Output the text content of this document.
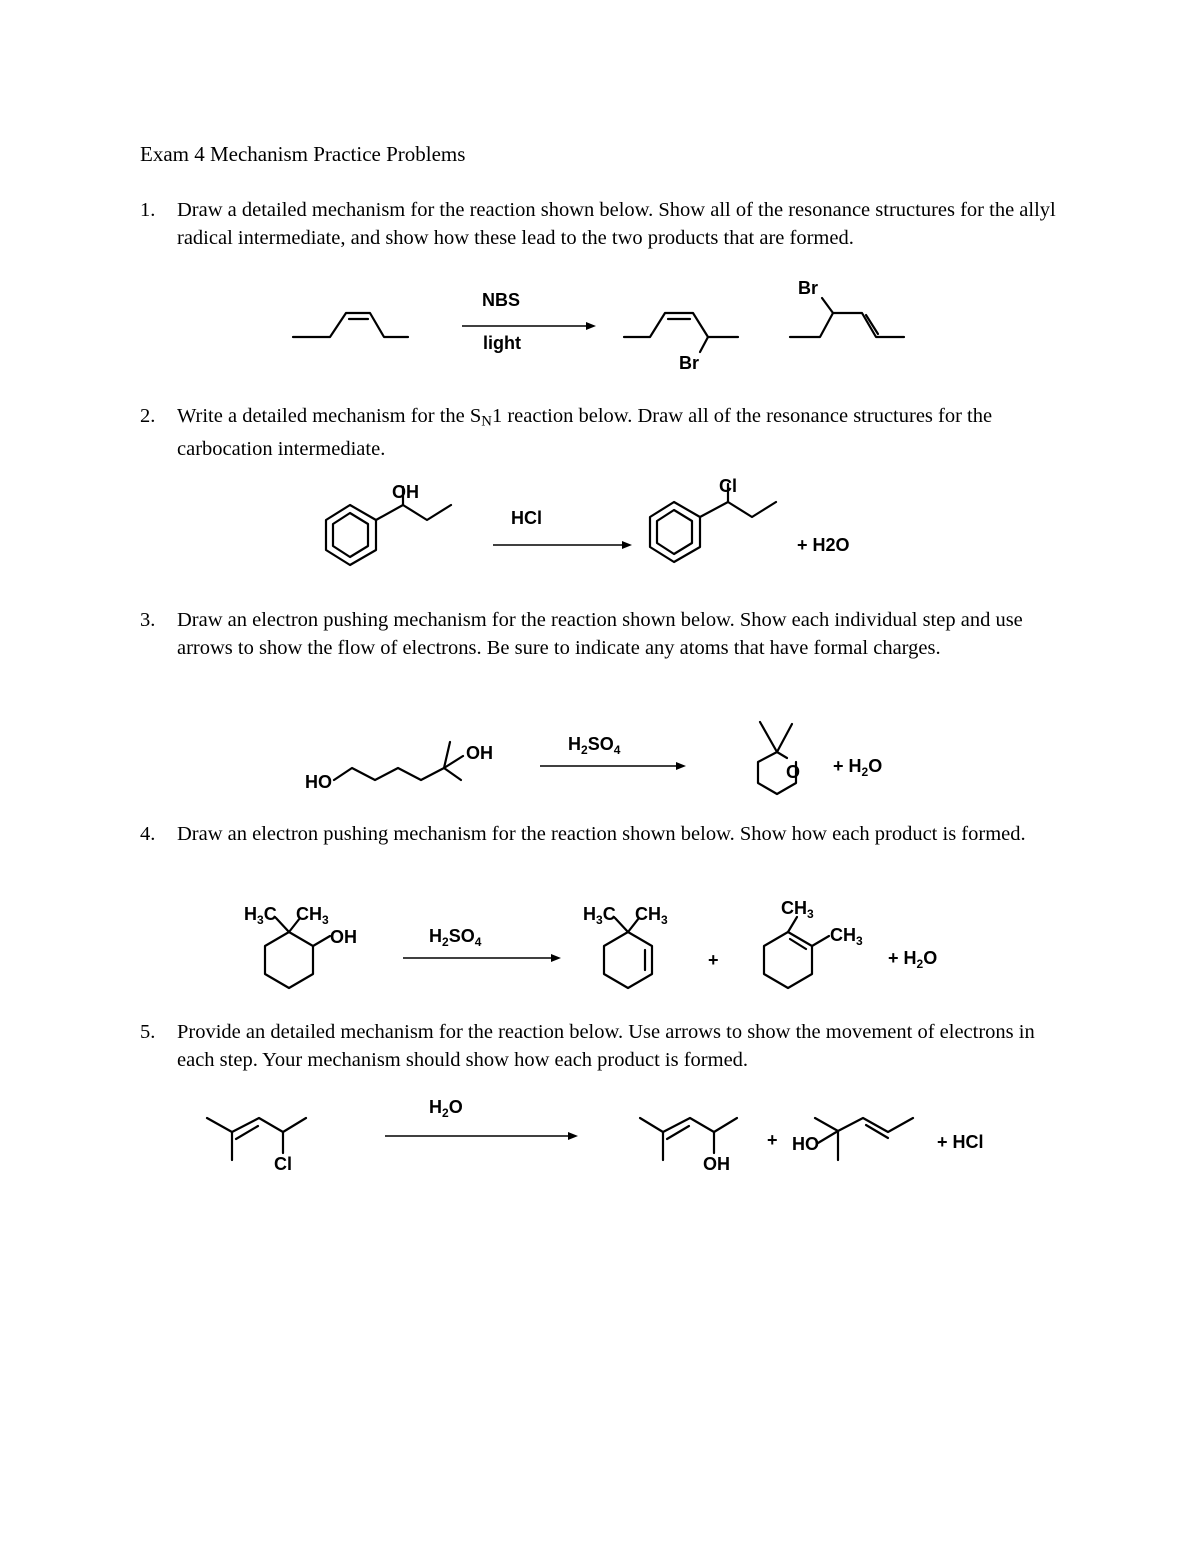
Exam 4 Mechanism Practice Problems
1.	Draw a detailed mechanism for the reaction shown below. Show all of the resonance structures for the allyl radical intermediate, and show how these lead to the two products that are formed.
NBS
light
Br
Br
2.	Write a detailed mechanism for the $S_N1$ reaction below. Draw all of the resonance structures for the carbocation intermediate.
OH
HCl
Cl
+ H2O
3.	Draw an electron pushing mechanism for the reaction shown below. Show each individual step and use arrows to show the flow of electrons. Be sure to indicate any atoms that have formal charges.
HO
OH	$H_2SO_4$
$O + H_2O$
4.	Draw an electron pushing mechanism for the reaction shown below. Show how each product is formed.
$H_3C$ $CH_3$
OH	$H_2SO_4$
$H_3C$ $CH_3$
+
$CH_3$
$CH_3$
+ $H_2O$
5.	Provide an detailed mechanism for the reaction below. Use arrows to show the movement of electrons in each step. Your mechanism should show how each product is formed.
Cl
$H_2O$
OH
+ HO	+ HCl
